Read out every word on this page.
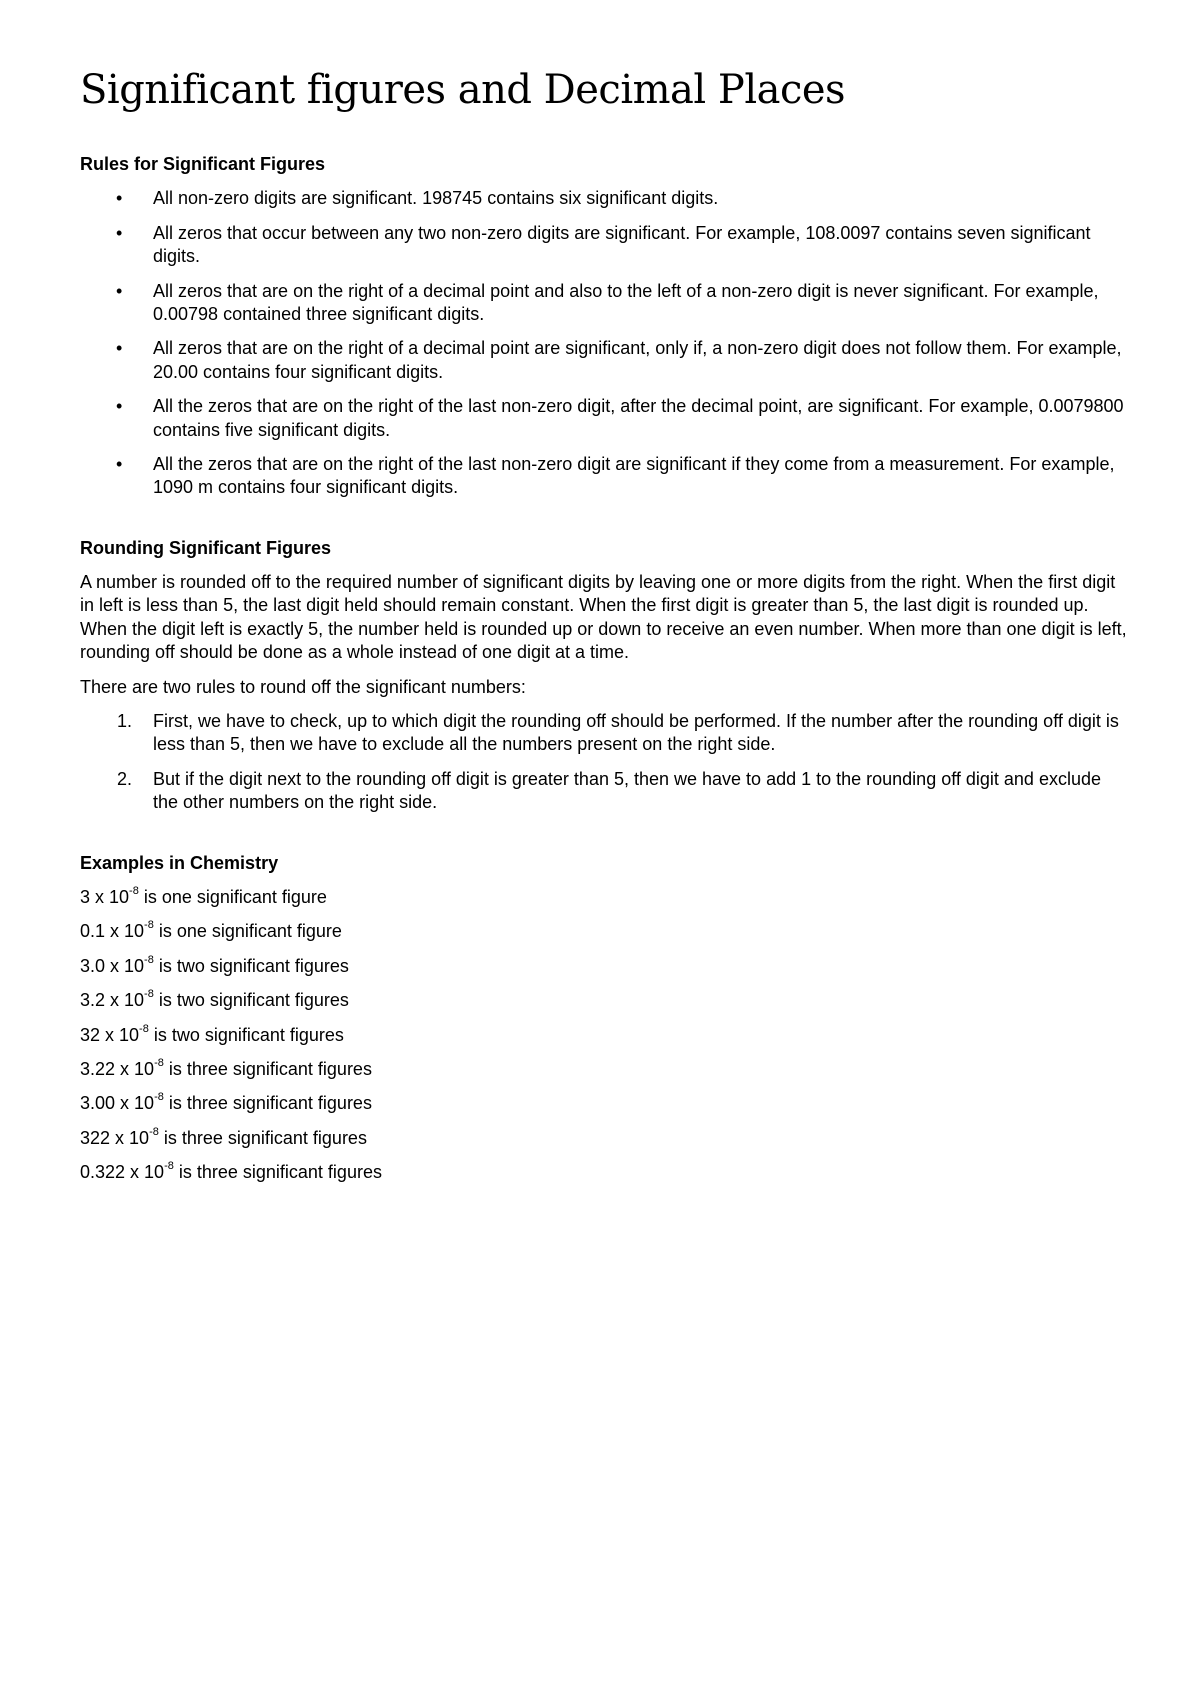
Significant figures and Decimal Places
Rules for Significant Figures
• All non-zero digits are significant. 198745 contains six significant digits.
• All zeros that occur between any two non-zero digits are significant. For example, 108.0097 contains seven significant digits.
• All zeros that are on the right of a decimal point and also to the left of a non-zero digit is never significant. For example, 0.00798 contained three significant digits.
• All zeros that are on the right of a decimal point are significant, only if, a non-zero digit does not follow them. For example, 20.00 contains four significant digits.
• All the zeros that are on the right of the last non-zero digit, after the decimal point, are significant. For example, 0.0079800 contains five significant digits.
• All the zeros that are on the right of the last non-zero digit are significant if they come from a measurement. For example, 1090 m contains four significant digits.
Rounding Significant Figures

A number is rounded off to the required number of significant digits by leaving one or more digits from the right. When the first digit in left is less than 5, the last digit held should remain constant. When the first digit is greater than 5, the last digit is rounded up. When the digit left is exactly 5, the number held is rounded up or down to receive an even number. When more than one digit is left, rounding off should be done as a whole instead of one digit at a time.

There are two rules to round off the significant numbers:

1. First, we have to check, up to which digit the rounding off should be performed. If the number after the rounding off digit is less than 5, then we have to exclude all the numbers present on the right side.
2. But if the digit next to the rounding off digit is greater than 5, then we have to add 1 to the rounding off digit and exclude the other numbers on the right side.
Examples in Chemistry

3 x $10^{-8}$ is one significant figure

0.1 x $10^{-8}$ is one significant figure

3.0 x $10^{-8}$ is two significant figures

3.2 x $10^{-8}$ is two significant figures

32 x $10^{-8}$ is two significant figures

3.22 x $10^{-8}$ is three significant figures

3.00 x $10^{-8}$ is three significant figures

322 x $10^{-8}$ is three significant figures

0.322 x $10^{-8}$ is three significant figures
